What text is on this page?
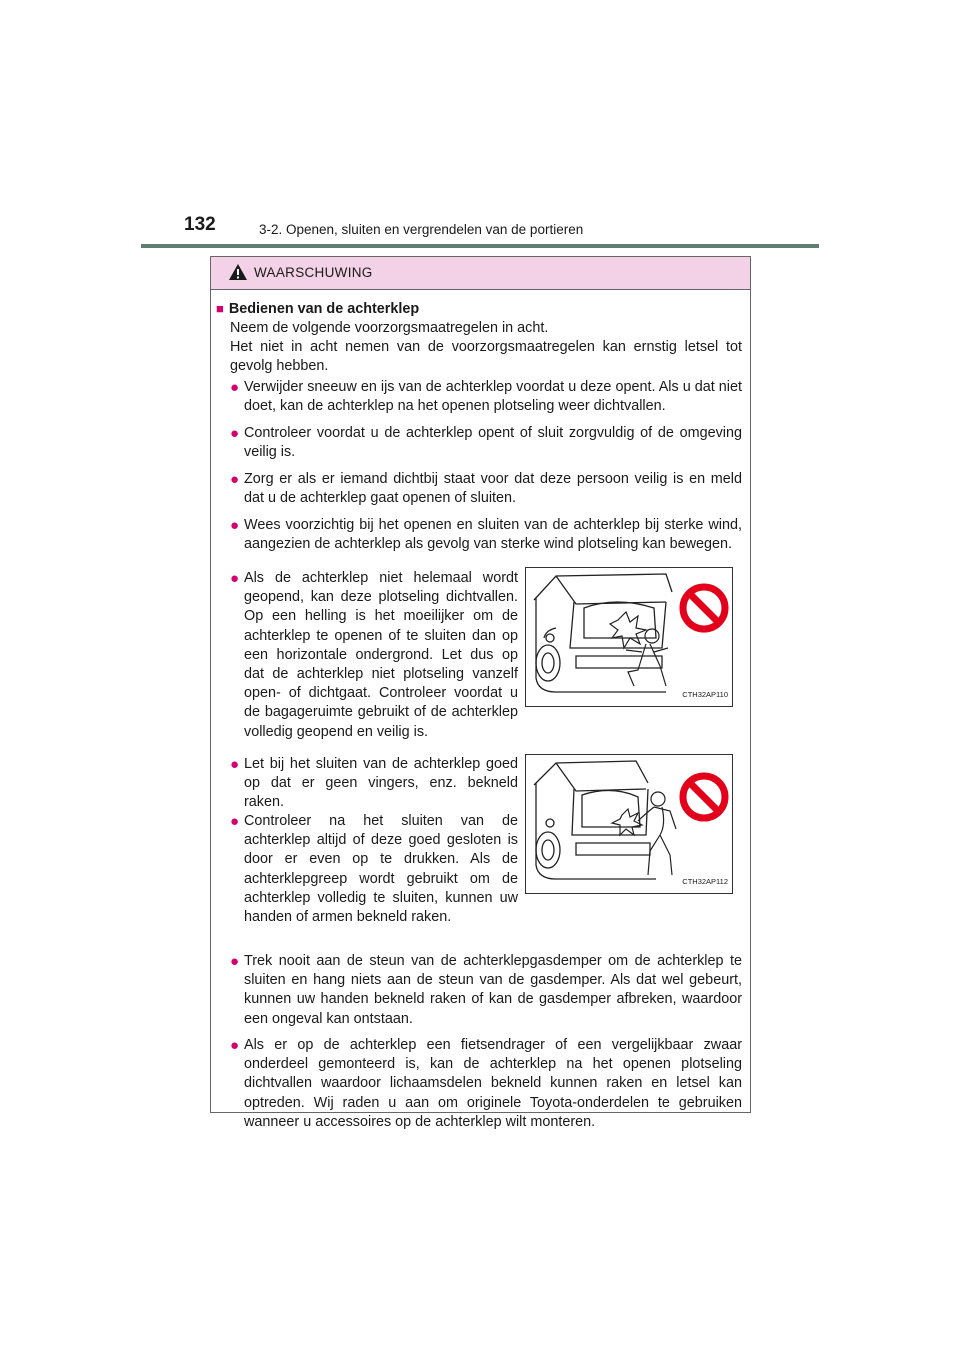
132	3-2. Openen, sluiten en vergrendelen van de portieren
WAARSCHUWING
■ Bedienen van de achterklep
Neem de volgende voorzorgsmaatregelen in acht.
Het niet in acht nemen van de voorzorgsmaatregelen kan ernstig letsel tot gevolg hebben.
● Verwijder sneeuw en ijs van de achterklep voordat u deze opent. Als u dat niet doet, kan de achterklep na het openen plotseling weer dichtvallen.
● Controleer voordat u de achterklep opent of sluit zorgvuldig of de omgeving veilig is.
● Zorg er als er iemand dichtbij staat voor dat deze persoon veilig is en meld dat u de achterklep gaat openen of sluiten.
● Wees voorzichtig bij het openen en sluiten van de achterklep bij sterke wind, aangezien de achterklep als gevolg van sterke wind plotseling kan bewegen.
● Als de achterklep niet helemaal wordt geopend, kan deze plotseling dichtvallen. Op een helling is het moeilijker om de achterklep te openen of te sluiten dan op een horizontale ondergrond. Let dus op dat de achterklep niet plotseling vanzelf open- of dichtgaat. Controleer voordat u de bagageruimte gebruikt of de achterklep volledig geopend en veilig is.
CTH32AP110
● Let bij het sluiten van de achterklep goed op dat er geen vingers, enz. bekneld raken.
● Controleer na het sluiten van de achterklep altijd of deze goed gesloten is door er even op te drukken. Als de achterklepgreep wordt gebruikt om de achterklep volledig te sluiten, kunnen uw handen of armen bekneld raken.
CTH32AP112
● Trek nooit aan de steun van de achterklepgasdemper om de achterklep te sluiten en hang niets aan de steun van de gasdemper. Als dat wel gebeurt, kunnen uw handen bekneld raken of kan de gasdemper afbreken, waardoor een ongeval kan ontstaan.
● Als er op de achterklep een fietsendrager of een vergelijkbaar zwaar onderdeel gemonteerd is, kan de achterklep na het openen plotseling dichtvallen waardoor lichaamsdelen bekneld kunnen raken en letsel kan optreden. Wij raden u aan om originele Toyota-onderdelen te gebruiken wanneer u accessoires op de achterklep wilt monteren.
